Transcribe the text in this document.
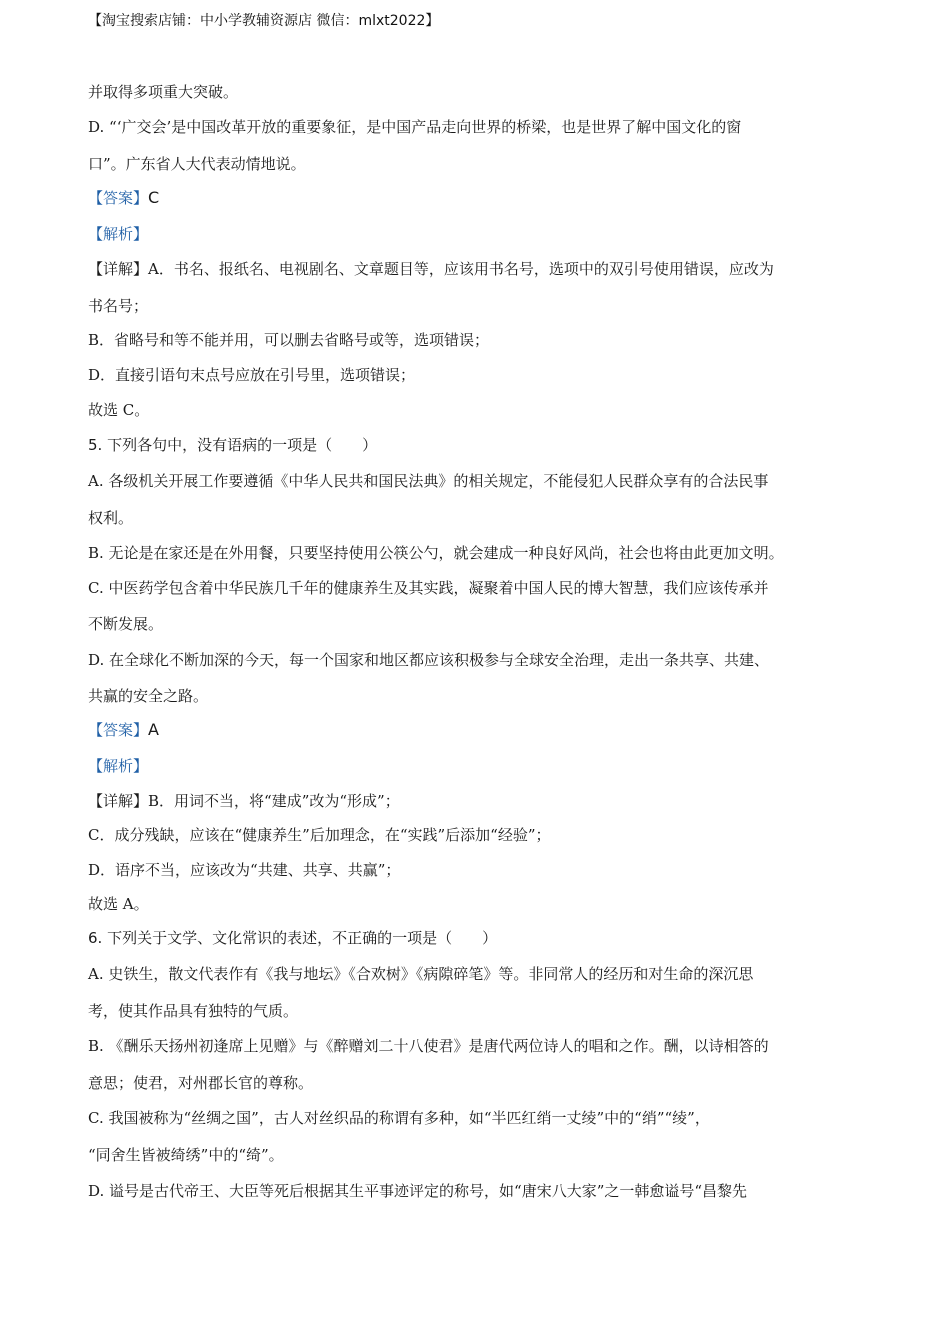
【淘宝搜索店铺：中小学教辅资源店 微信：mlxt2022】
并取得多项重大突破。
D. “‘广交会’是中国改革开放的重要象征，是中国产品走向世界的桥梁，也是世界了解中国文化的窗
口”。广东省人大代表动情地说。
【答案】C
【解析】
【详解】A．书名、报纸名、电视剧名、文章题目等，应该用书名号，选项中的双引号使用错误，应改为
书名号；
B．省略号和等不能并用，可以删去省略号或等，选项错误；
D．直接引语句末点号应放在引号里，选项错误；
故选 C。
5. 下列各句中，没有语病的一项是（　　）
A. 各级机关开展工作要遵循《中华人民共和国民法典》的相关规定，不能侵犯人民群众享有的合法民事
权利。
B. 无论是在家还是在外用餐，只要坚持使用公筷公勺，就会建成一种良好风尚，社会也将由此更加文明。
C. 中医药学包含着中华民族几千年的健康养生及其实践，凝聚着中国人民的博大智慧，我们应该传承并
不断发展。
D. 在全球化不断加深的今天，每一个国家和地区都应该积极参与全球安全治理，走出一条共享、共建、
共赢的安全之路。
【答案】A
【解析】
【详解】B．用词不当，将“建成”改为“形成”；
C．成分残缺，应该在“健康养生”后加理念，在“实践”后添加“经验”；
D．语序不当，应该改为“共建、共享、共赢”；
故选 A。
6. 下列关于文学、文化常识的表述，不正确的一项是（　　）
A. 史铁生，散文代表作有《我与地坛》《合欢树》《病隙碎笔》等。非同常人的经历和对生命的深沉思
考，使其作品具有独特的气质。
B. 《酬乐天扬州初逢席上见赠》与《醉赠刘二十八使君》是唐代两位诗人的唱和之作。酬，以诗相答的
意思；使君，对州郡长官的尊称。
C. 我国被称为“丝绸之国”，古人对丝织品的称谓有多种，如“半匹红绡一丈绫”中的“绡”“绫”，
“同舍生皆被绮绣”中的“绮”。
D. 谥号是古代帝王、大臣等死后根据其生平事迹评定的称号，如“唐宋八大家”之一韩愈谥号“昌黎先
